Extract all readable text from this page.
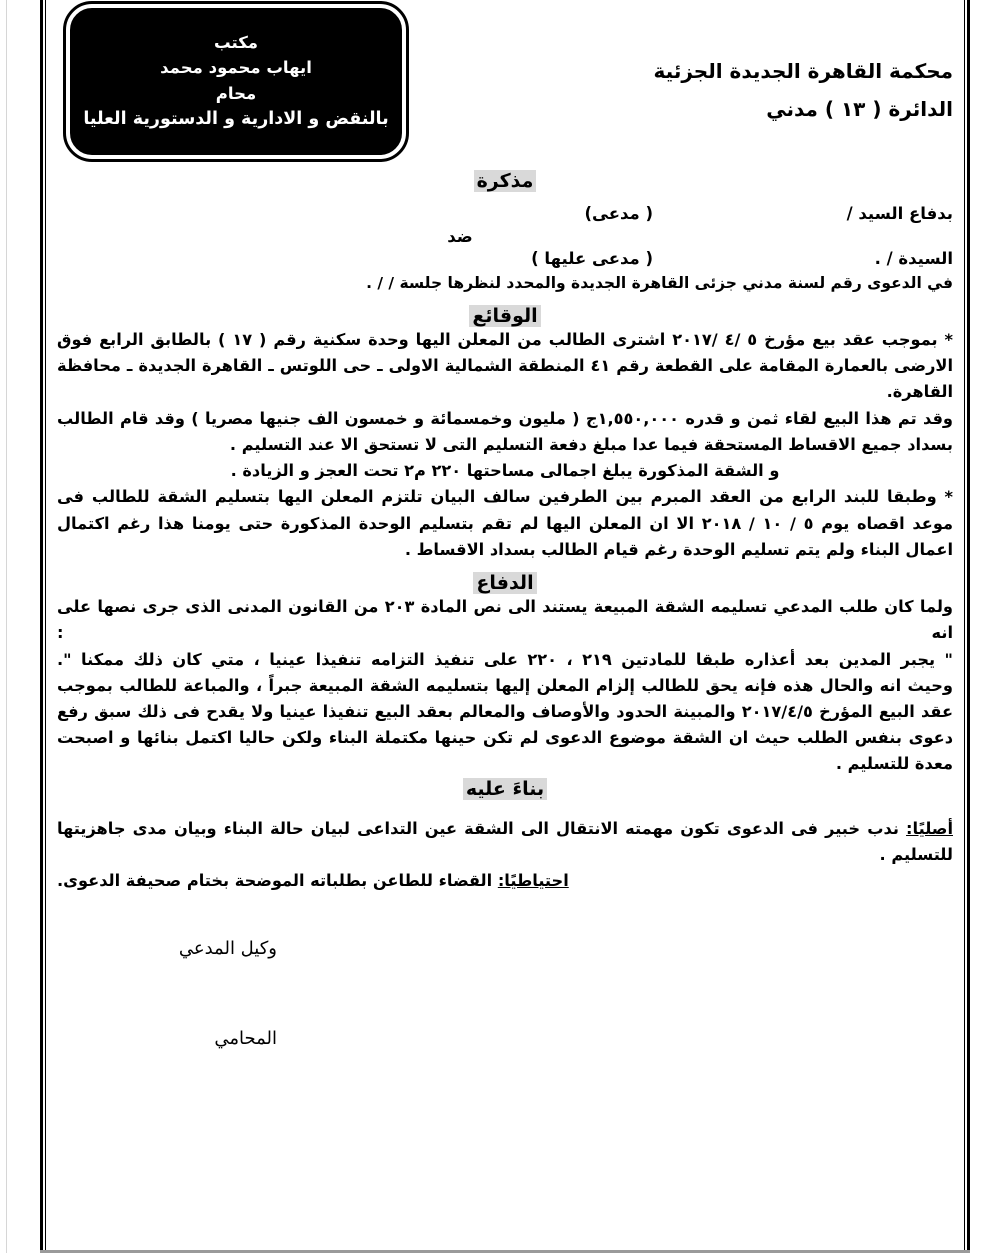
مكتب
ايهاب محمود محمد
محام
بالنقض و الادارية و الدستورية العليا
محكمة القاهرة الجديدة الجزئية
الدائرة ( ١٣ ) مدني
مذكرة
بدفاع السيد /
( مدعى)
ضد
السيدة / .
( مدعى عليها )
في الدعوى رقم لسنة مدني جزئى القاهرة الجديدة والمحدد لنظرها جلسة / / .
الوقائع

* بموجب عقد بيع مؤرخ ٥ /٤ /٢٠١٧ اشترى الطالب من المعلن اليها وحدة سكنية رقم ( ١٧ ) بالطابق الرابع فوق الارضى بالعمارة المقامة على القطعة رقم ٤١ المنطقة الشمالية الاولى ـ حى اللوتس ـ القاهرة الجديدة ـ محافظة القاهرة.

وقد تم هذا البيع لقاء ثمن و قدره ١,٥٥٠,٠٠٠ج ( مليون وخمسمائة و خمسون الف جنيها مصريا ) وقد قام الطالب بسداد جميع الاقساط المستحقة فيما عدا مبلغ دفعة التسليم التى لا تستحق الا عند التسليم .

و الشقة المذكورة يبلغ اجمالى مساحتها ٢٢٠ م٢ تحت العجز و الزيادة .

* وطبقا للبند الرابع من العقد المبرم بين الطرفين سالف البيان تلتزم المعلن اليها بتسليم الشقة للطالب فى موعد اقصاه يوم ٥ / ١٠ / ٢٠١٨ الا ان المعلن اليها لم تقم بتسليم الوحدة المذكورة حتى يومنا هذا رغم اكتمال اعمال البناء ولم يتم تسليم الوحدة رغم قيام الطالب بسداد الاقساط .

الدفاع

ولما كان طلب المدعي تسليمه الشقة المبيعة يستند الى نص المادة ٢٠٣ من القانون المدنى الذى جرى نصها على انه :

" يجبر المدين بعد أعذاره طبقا للمادتين ٢١٩ ، ٢٢٠ على تنفيذ التزامه تنفيذا عينيا ، متي كان ذلك ممكنا ".

وحيث انه والحال هذه فإنه يحق للطالب إلزام المعلن إليها بتسليمه الشقة المبيعة جبراً ، والمباعة للطالب بموجب عقد البيع المؤرخ ٢٠١٧/٤/٥ والمبينة الحدود والأوصاف والمعالم بعقد البيع تنفيذا عينيا ولا يقدح فى ذلك سبق رفع دعوى بنفس الطلب حيث ان الشقة موضوع الدعوى لم تكن حينها مكتملة البناء ولكن حاليا اكتمل بنائها و اصبحت معدة للتسليم .

بناءَ عليه

أصليًا: ندب خبير فى الدعوى تكون مهمته الانتقال الى الشقة عين التداعى لبيان حالة البناء وبيان مدى جاهزيتها للتسليم .

احتياطيًا: القضاء للطاعن بطلباته الموضحة بختام صحيفة الدعوى.

وكيل المدعي
المحامي
